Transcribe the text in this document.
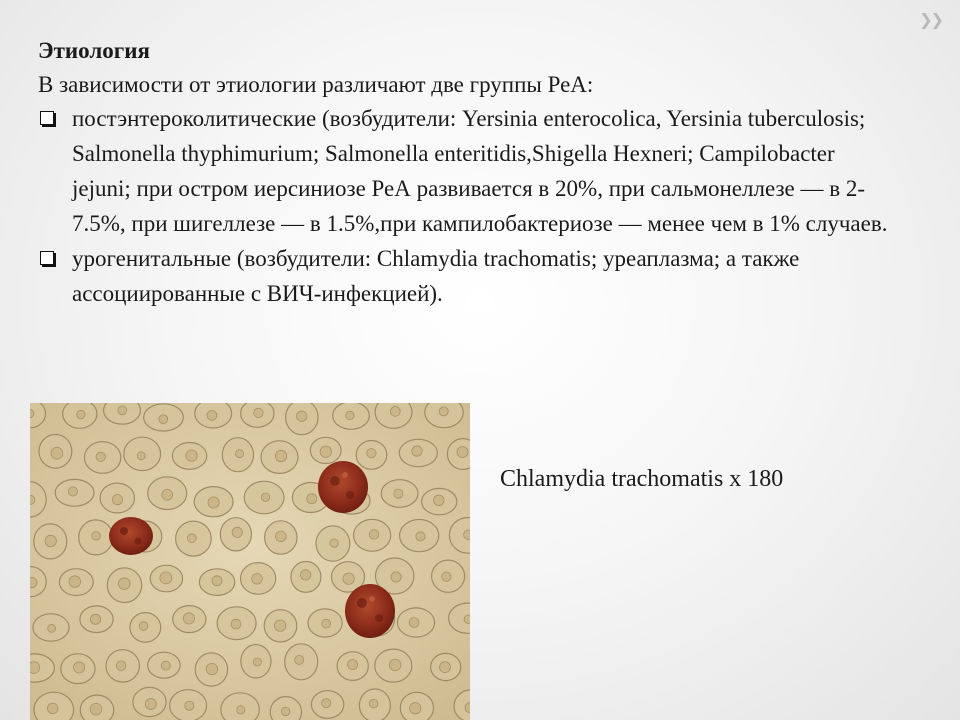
❯❯
Этиология
В зависимости от этиологии различают две группы РеА:
постэнтероколитические (возбудители: Yersinia enterocolica, Yersinia tuberculosis; Salmonella thyphimurium; Salmonella enteritidis,Shigella Hexneri; Campilobacter jejuni; при остром иерсиниозе РеА развивается в 20%, при сальмонеллезе — в 2-7.5%, при шигеллезе — в 1.5%,при кампилобактериозе — менее чем в 1% случаев.
урогенитальные (возбудители: Chlamydia trachomatis; уреаплазма; а также ассоциированные с ВИЧ-инфекцией).
Chlamydia trachomatis х 180
